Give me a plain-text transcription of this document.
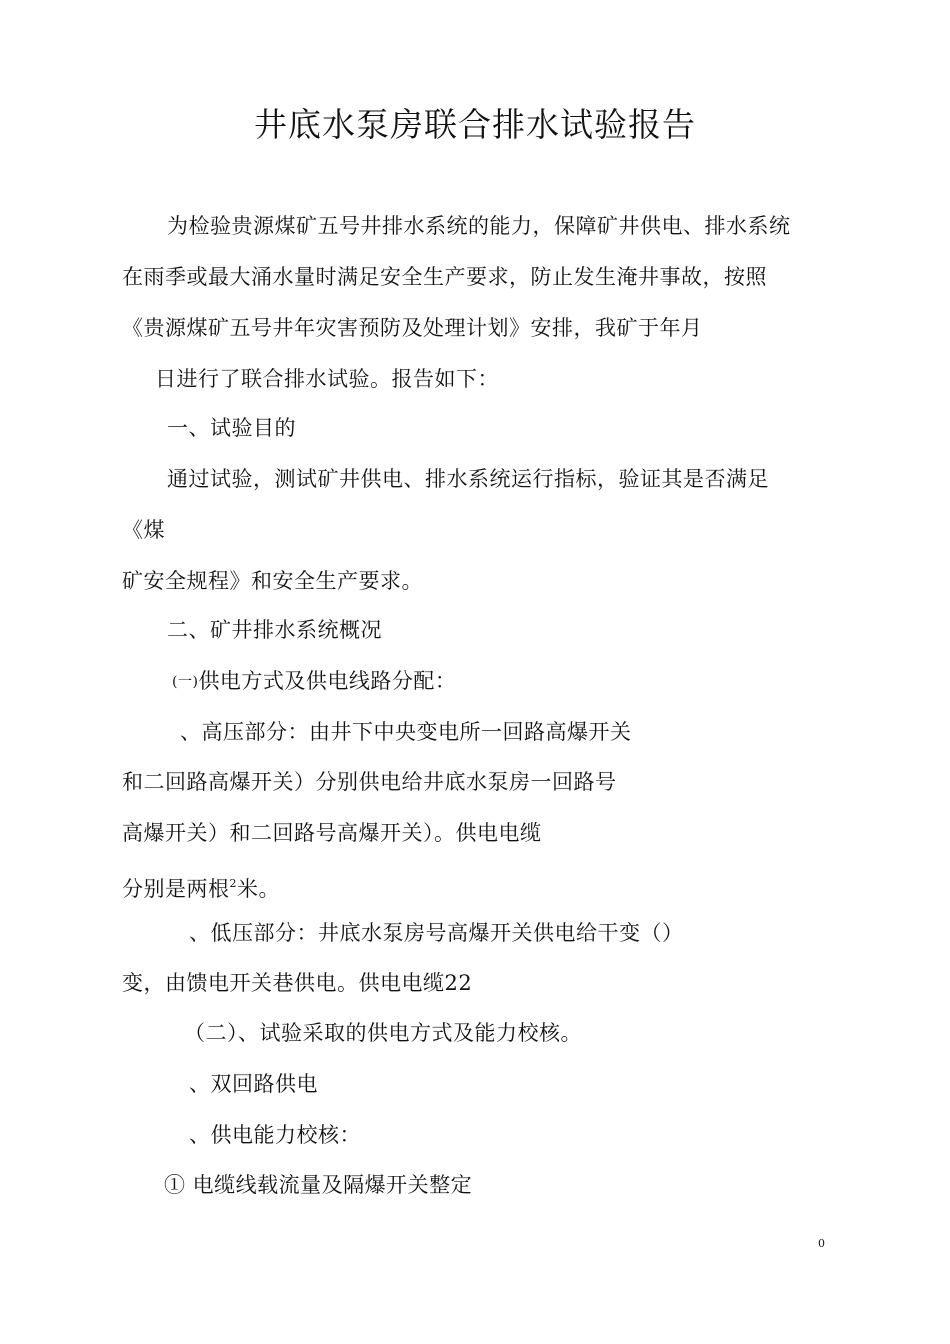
井底水泵房联合排水试验报告
为检验贵源煤矿五号井排水系统的能力，保障矿井供电、排水系统
在雨季或最大涌水量时满足安全生产要求，防止发生淹井事故，按照
《贵源煤矿五号井年灾害预防及处理计划》安排，我矿于年月
日进行了联合排水试验。报告如下：
一、试验目的
通过试验，测试矿井供电、排水系统运行指标，验证其是否满足
《煤
矿安全规程》和安全生产要求。
二、矿井排水系统概况
(一)供电方式及供电线路分配：
、高压部分：由井下中央变电所一回路高爆开关
和二回路高爆开关）分别供电给井底水泵房一回路号
高爆开关）和二回路号高爆开关）。供电电缆
分别是两根$^2$米。
、低压部分：井底水泵房号高爆开关供电给干变（）
变，由馈电开关巷供电。供电电缆22
（二）、试验采取的供电方式及能力校核。
、双回路供电
、供电能力校核：
① 电缆线载流量及隔爆开关整定
0
